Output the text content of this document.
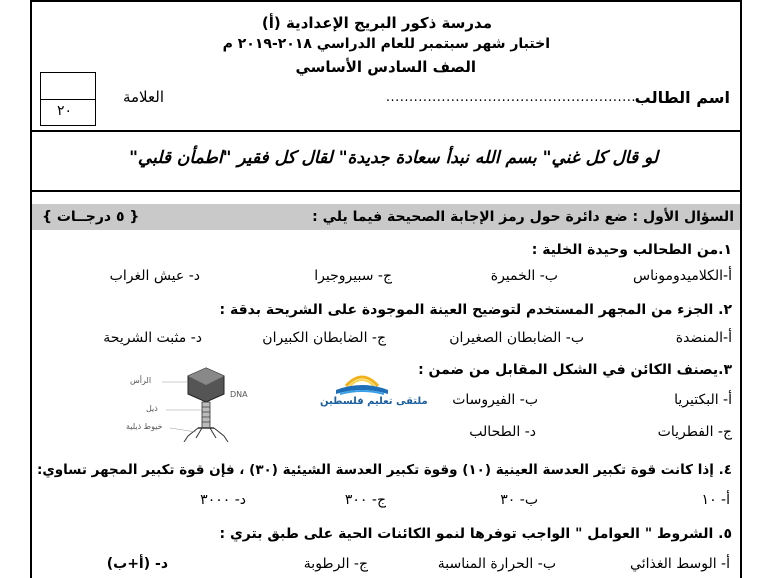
مدرسة ذكور البريج الإعدادية (أ)
اختبار شهر سبتمبر للعام الدراسي ٢٠١٨-٢٠١٩ م
الصف السادس الأساسي
اسم الطالب
......................................................
العلامة
٢٠
لو قال كل غني" بسم الله نبدأ سعادة جديدة" لقال كل فقير "اطمأن قلبي"
السؤال الأول : ضع دائرة حول رمز الإجابة الصحيحة فيما يلي :
{ ٥ درجــات }
١.من الطحالب وحيدة الخلية :
أ-الكلاميدوموناس
ب- الخميرة
ج- سبيروجيرا
د- عيش الغراب
٢. الجزء من المجهر المستخدم لتوضيح العينة الموجودة على الشريحة بدقة :
أ-المنضدة
ب- الضابطان الصغيران
ج- الضابطان الكبيران
د- مثبت الشريحة
٣.يصنف الكائن في الشكل المقابل من ضمن :
أ- البكتيريا
ب- الفيروسات
ج- الفطريات
د- الطحالب
ملتقى تعليم فلسطين
الرأس
DNA
ذيل
خيوط ذيلية
٤. إذا كانت قوة تكبير العدسة العينية (١٠) وقوة تكبير العدسة الشيئية (٣٠) ، فإن قوة تكبير المجهر تساوي:
أ- ١٠
ب- ٣٠
ج- ٣٠٠
د- ٣٠٠٠
٥. الشروط " العوامل " الواجب توفرها لنمو الكائنات الحية على طبق بتري :
أ- الوسط الغذائي
ب- الحرارة المناسبة
ج- الرطوبة
د- (أ+ب)
